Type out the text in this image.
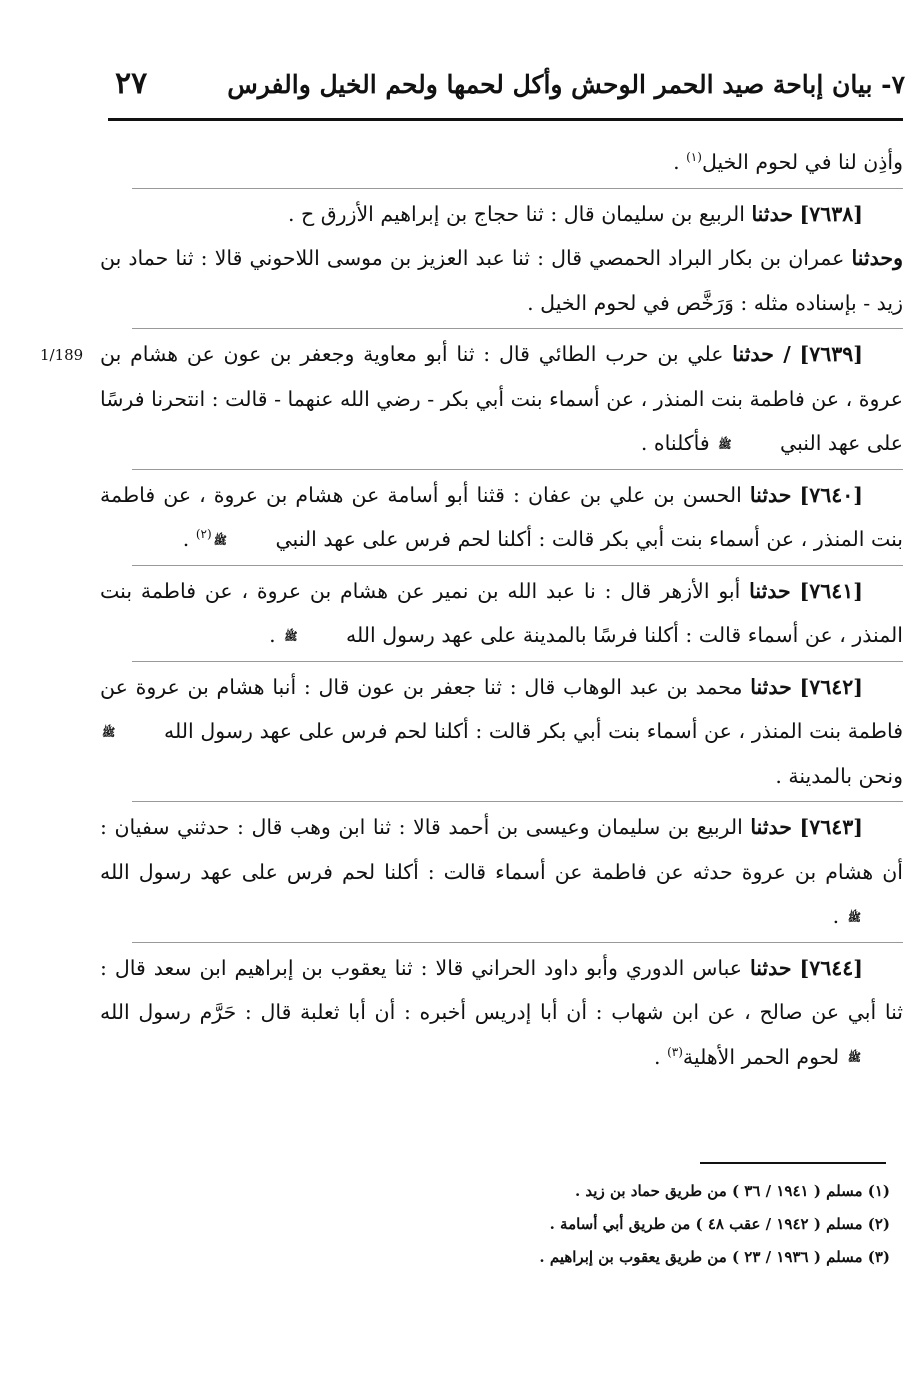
٧- بيان إباحة صيد الحمر الوحش وأكل لحمها ولحم الخيل والفرس
٢٧
1/189

وأذِن لنا في لحوم الخيل$^{(١)}$ .

[٧٦٣٨] حدثنا الربيع بن سليمان قال : ثنا حجاج بن إبراهيم الأزرق ح .

وحدثنا عمران بن بكار البراد الحمصي قال : ثنا عبد العزيز بن موسى اللاحوني قالا : ثنا حماد بن زيد - بإسناده مثله : وَرَخَّص في لحوم الخيل .

[٧٦٣٩] / حدثنا علي بن حرب الطائي قال : ثنا أبو معاوية وجعفر بن عون عن هشام بن عروة ، عن فاطمة بنت المنذر ، عن أسماء بنت أبي بكر - رضي الله عنهما - قالت : انتحرنا فرسًا على عهد النبي ﷺ فأكلناه .

[٧٦٤٠] حدثنا الحسن بن علي بن عفان : قثنا أبو أسامة عن هشام بن عروة ، عن فاطمة بنت المنذر ، عن أسماء بنت أبي بكر قالت : أكلنا لحم فرس على عهد النبي ﷺ$^{(٢)}$ .

[٧٦٤١] حدثنا أبو الأزهر قال : نا عبد الله بن نمير عن هشام بن عروة ، عن فاطمة بنت المنذر ، عن أسماء قالت : أكلنا فرسًا بالمدينة على عهد رسول الله ﷺ .

[٧٦٤٢] حدثنا محمد بن عبد الوهاب قال : ثنا جعفر بن عون قال : أنبا هشام بن عروة عن فاطمة بنت المنذر ، عن أسماء بنت أبي بكر قالت : أكلنا لحم فرس على عهد رسول الله ﷺ ونحن بالمدينة .

[٧٦٤٣] حدثنا الربيع بن سليمان وعيسى بن أحمد قالا : ثنا ابن وهب قال : حدثني سفيان : أن هشام بن عروة حدثه عن فاطمة عن أسماء قالت : أكلنا لحم فرس على عهد رسول الله ﷺ .

[٧٦٤٤] حدثنا عباس الدوري وأبو داود الحراني قالا : ثنا يعقوب بن إبراهيم ابن سعد قال : ثنا أبي عن صالح ، عن ابن شهاب : أن أبا إدريس أخبره : أن أبا ثعلبة قال : حَرَّم رسول الله ﷺ لحوم الحمر الأهلية$^{(٣)}$ .

(١) مسلم ( ١٩٤١ / ٣٦ ) من طريق حماد بن زيد .

(٢) مسلم ( ١٩٤٢ / عقب ٤٨ ) من طريق أبي أسامة .

(٣) مسلم ( ١٩٣٦ / ٢٣ ) من طريق يعقوب بن إبراهيم .
